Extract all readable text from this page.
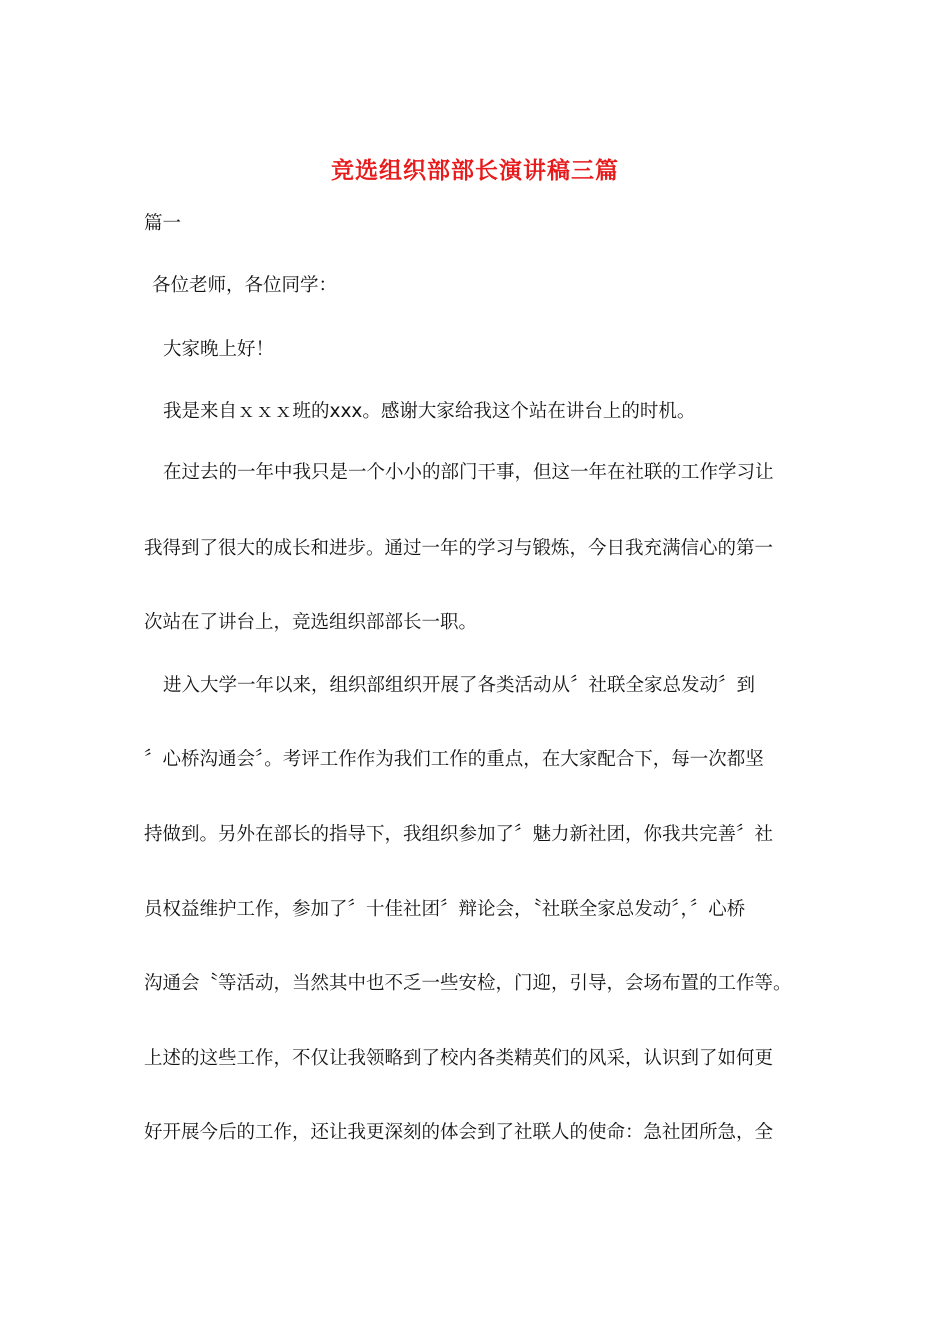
竞选组织部部长演讲稿三篇
篇一
各位老师，各位同学：
大家晚上好！
我是来自ｘｘｘ班的xxx。感谢大家给我这个站在讲台上的时机。
在过去的一年中我只是一个小小的部门干事，但这一年在社联的工作学习让
我得到了很大的成长和进步。通过一年的学习与锻炼，今日我充满信心的第一
次站在了讲台上，竞选组织部部长一职。
进入大学一年以来，组织部组织开展了各类活动从〞社联全家总发动〞到
〞心桥沟通会〞。考评工作作为我们工作的重点，在大家配合下，每一次都坚
持做到。另外在部长的指导下，我组织参加了〞魅力新社团，你我共完善〞社
员权益维护工作，参加了〞十佳社团〞辩论会，〝社联全家总发动〞，〞心桥
沟通会〝等活动，当然其中也不乏一些安检，门迎，引导，会场布置的工作等。
上述的这些工作，不仅让我领略到了校内各类精英们的风采，认识到了如何更
好开展今后的工作，还让我更深刻的体会到了社联人的使命：急社团所急，全
